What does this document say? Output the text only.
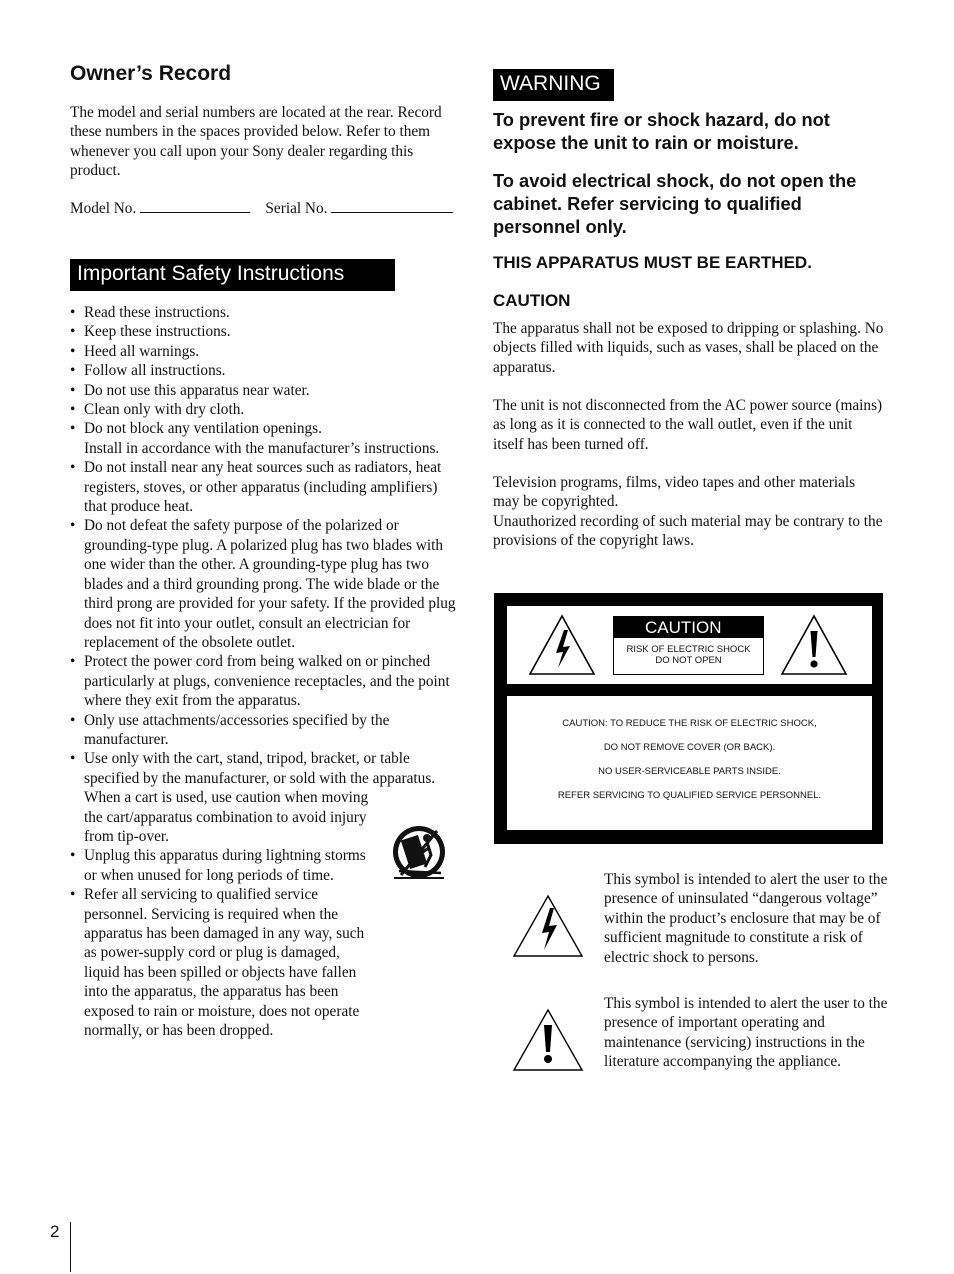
Owner’s Record

The model and serial numbers are located at the rear. Record these numbers in the spaces provided below. Refer to them whenever you call upon your Sony dealer regarding this product.

Model No.	Serial No.
Important Safety Instructions
• Read these instructions.
• Keep these instructions.
• Heed all warnings.
• Follow all instructions.
• Do not use this apparatus near water.
• Clean only with dry cloth.
• Do not block any ventilation openings.
Install in accordance with the manufacturer’s instructions.
• Do not install near any heat sources such as radiators, heat registers, stoves, or other apparatus (including amplifiers) that produce heat.
• Do not defeat the safety purpose of the polarized or grounding-type plug. A polarized plug has two blades with one wider than the other. A grounding-type plug has two blades and a third grounding prong. The wide blade or the third prong are provided for your safety. If the provided plug does not fit into your outlet, consult an electrician for replacement of the obsolete outlet.
• Protect the power cord from being walked on or pinched particularly at plugs, convenience receptacles, and the point where they exit from the apparatus.
• Only use attachments/accessories specified by the manufacturer.
• Use only with the cart, stand, tripod, bracket, or table specified by the manufacturer, or sold with the apparatus.
When a cart is used, use caution when moving the cart/apparatus combination to avoid injury from tip-over.
• Unplug this apparatus during lightning storms or when unused for long periods of time.
• Refer all servicing to qualified service personnel. Servicing is required when the apparatus has been damaged in any way, such as power-supply cord or plug is damaged, liquid has been spilled or objects have fallen into the apparatus, the apparatus has been exposed to rain or moisture, does not operate normally, or has been dropped.
WARNING

To prevent fire or shock hazard, do not expose the unit to rain or moisture.

To avoid electrical shock, do not open the cabinet. Refer servicing to qualified personnel only.

THIS APPARATUS MUST BE EARTHED.

CAUTION

The apparatus shall not be exposed to dripping or splashing. No objects filled with liquids, such as vases, shall be placed on the apparatus.

The unit is not disconnected from the AC power source (mains) as long as it is connected to the wall outlet, even if the unit itself has been turned off.

Television programs, films, video tapes and other materials may be copyrighted.
Unauthorized recording of such material may be contrary to the provisions of the copyright laws.
CAUTION
RISK OF ELECTRIC SHOCK
DO NOT OPEN
CAUTION: TO REDUCE THE RISK OF ELECTRIC SHOCK,
DO NOT REMOVE COVER (OR BACK).
NO USER-SERVICEABLE PARTS INSIDE.
REFER SERVICING TO QUALIFIED SERVICE PERSONNEL.

This symbol is intended to alert the user to the presence of uninsulated “dangerous voltage” within the product’s enclosure that may be of sufficient magnitude to constitute a risk of electric shock to persons.

This symbol is intended to alert the user to the presence of important operating and maintenance (servicing) instructions in the literature accompanying the appliance.

2
